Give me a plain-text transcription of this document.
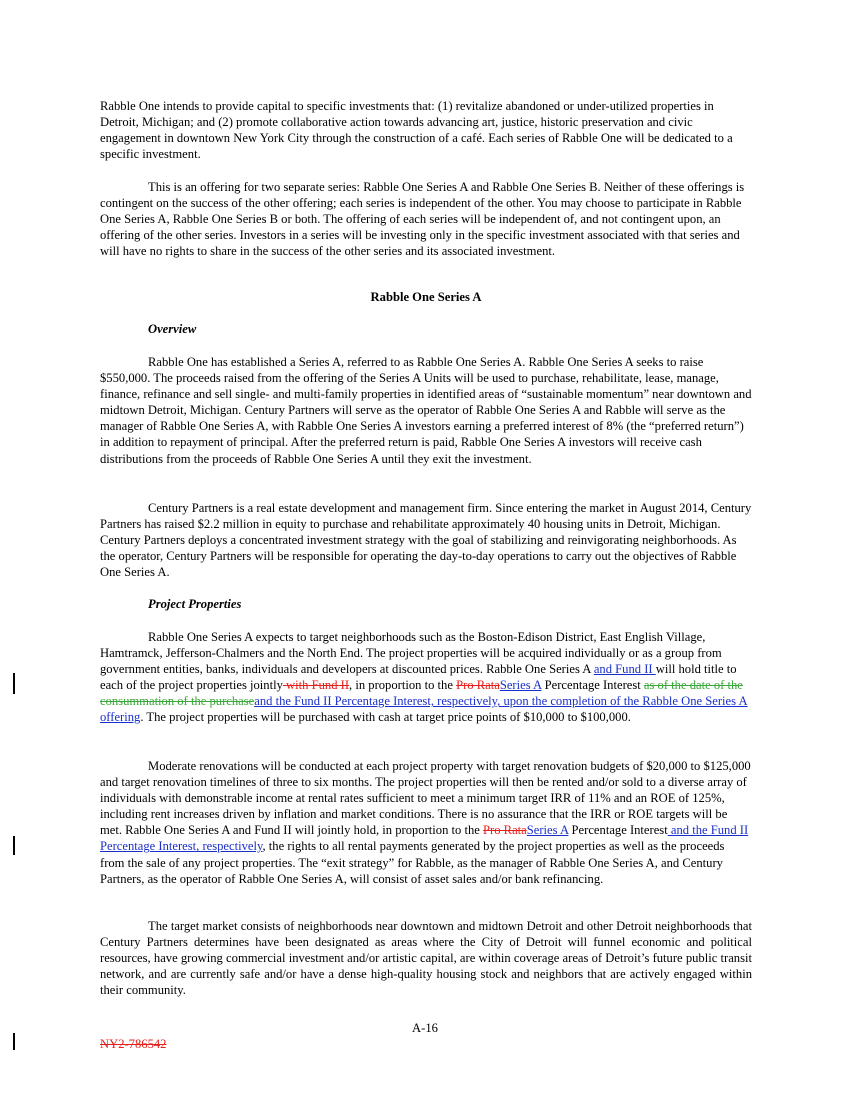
Rabble One intends to provide capital to specific investments that: (1) revitalize abandoned or under-utilized properties in Detroit, Michigan; and (2) promote collaborative action towards advancing art, justice, historic preservation and civic engagement in downtown New York City through the construction of a café. Each series of Rabble One will be dedicated to a specific investment.

This is an offering for two separate series: Rabble One Series A and Rabble One Series B. Neither of these offerings is contingent on the success of the other offering; each series is independent of the other. You may choose to participate in Rabble One Series A, Rabble One Series B or both. The offering of each series will be independent of, and not contingent upon, an offering of the other series. Investors in a series will be investing only in the specific investment associated with that series and will have no rights to share in the success of the other series and its associated investment.

Rabble One Series A

Overview

Rabble One has established a Series A, referred to as Rabble One Series A. Rabble One Series A seeks to raise $550,000. The proceeds raised from the offering of the Series A Units will be used to purchase, rehabilitate, lease, manage, finance, refinance and sell single- and multi-family properties in identified areas of “sustainable momentum” near downtown and midtown Detroit, Michigan. Century Partners will serve as the operator of Rabble One Series A and Rabble will serve as the manager of Rabble One Series A, with Rabble One Series A investors earning a preferred interest of 8% (the “preferred return”) in addition to repayment of principal. After the preferred return is paid, Rabble One Series A investors will receive cash distributions from the proceeds of Rabble One Series A until they exit the investment.

Century Partners is a real estate development and management firm. Since entering the market in August 2014, Century Partners has raised $2.2 million in equity to purchase and rehabilitate approximately 40 housing units in Detroit, Michigan. Century Partners deploys a concentrated investment strategy with the goal of stabilizing and reinvigorating neighborhoods. As the operator, Century Partners will be responsible for operating the day-to-day operations to carry out the objectives of Rabble One Series A.

Project Properties

Rabble One Series A expects to target neighborhoods such as the Boston-Edison District, East English Village, Hamtramck, Jefferson-Chalmers and the North End. The project properties will be acquired individually or as a group from government entities, banks, individuals and developers at discounted prices. Rabble One Series A and Fund II will hold title to each of the project properties jointly with Fund II, in proportion to the Pro RataSeries A Percentage Interest as of the date of the consummation of the purchaseand the Fund II Percentage Interest, respectively, upon the completion of the Rabble One Series A offering. The project properties will be purchased with cash at target price points of $10,000 to $100,000.

Moderate renovations will be conducted at each project property with target renovation budgets of $20,000 to $125,000 and target renovation timelines of three to six months. The project properties will then be rented and/or sold to a diverse array of individuals with demonstrable income at rental rates sufficient to meet a minimum target IRR of 11% and an ROE of 125%, including rent increases driven by inflation and market conditions. There is no assurance that the IRR or ROE targets will be met. Rabble One Series A and Fund II will jointly hold, in proportion to the Pro RataSeries A Percentage Interest and the Fund II Percentage Interest, respectively, the rights to all rental payments generated by the project properties as well as the proceeds from the sale of any project properties. The “exit strategy” for Rabble, as the manager of Rabble One Series A, and Century Partners, as the operator of Rabble One Series A, will consist of asset sales and/or bank refinancing.

The target market consists of neighborhoods near downtown and midtown Detroit and other Detroit neighborhoods that Century Partners determines have been designated as areas where the City of Detroit will funnel economic and political resources, have growing commercial investment and/or artistic capital, are within coverage areas of Detroit’s future public transit network, and are currently safe and/or have a dense high-quality housing stock and neighbors that are actively engaged within their community.

A-16
NY2-786542
